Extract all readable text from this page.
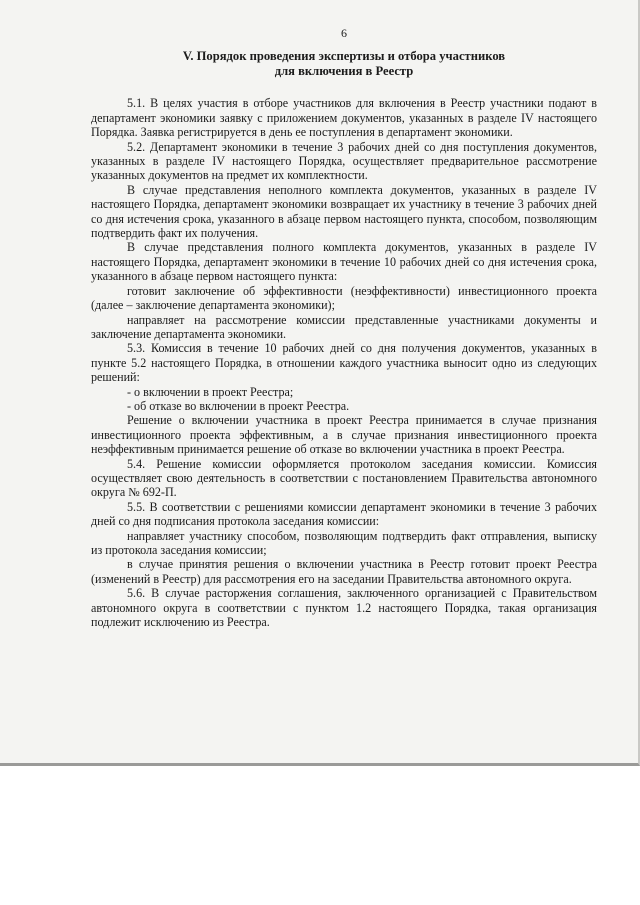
6
V. Порядок проведения экспертизы и отбора участников
для включения в Реестр

5.1. В целях участия в отборе участников для включения в Реестр участники подают в департамент экономики заявку с приложением документов, указанных в разделе IV настоящего Порядка. Заявка регистрируется в день ее поступления в департамент экономики.

5.2. Департамент экономики в течение 3 рабочих дней со дня поступления документов, указанных в разделе IV настоящего Порядка, осуществляет предварительное рассмотрение указанных документов на предмет их комплектности.

В случае представления неполного комплекта документов, указанных в разделе IV настоящего Порядка, департамент экономики возвращает их участнику в течение 3 рабочих дней со дня истечения срока, указанного в абзаце первом настоящего пункта, способом, позволяющим подтвердить факт их получения.

В случае представления полного комплекта документов, указанных в разделе IV настоящего Порядка, департамент экономики в течение 10 рабочих дней со дня истечения срока, указанного в абзаце первом настоящего пункта:

готовит заключение об эффективности (неэффективности) инвестиционного проекта (далее – заключение департамента экономики);

направляет на рассмотрение комиссии представленные участниками документы и заключение департамента экономики.

5.3. Комиссия в течение 10 рабочих дней со дня получения документов, указанных в пункте 5.2 настоящего Порядка, в отношении каждого участника выносит одно из следующих решений:

- о включении в проект Реестра;

- об отказе во включении в проект Реестра.

Решение о включении участника в проект Реестра принимается в случае признания инвестиционного проекта эффективным, а в случае признания инвестиционного проекта неэффективным принимается решение об отказе во включении участника в проект Реестра.

5.4. Решение комиссии оформляется протоколом заседания комиссии. Комиссия осуществляет свою деятельность в соответствии с постановлением Правительства автономного округа № 692-П.

5.5. В соответствии с решениями комиссии департамент экономики в течение 3 рабочих дней со дня подписания протокола заседания комиссии:

направляет участнику способом, позволяющим подтвердить факт отправления, выписку из протокола заседания комиссии;

в случае принятия решения о включении участника в Реестр готовит проект Реестра (изменений в Реестр) для рассмотрения его на заседании Правительства автономного округа.

5.6. В случае расторжения соглашения, заключенного организацией с Правительством автономного округа в соответствии с пунктом 1.2 настоящего Порядка, такая организация подлежит исключению из Реестра.
